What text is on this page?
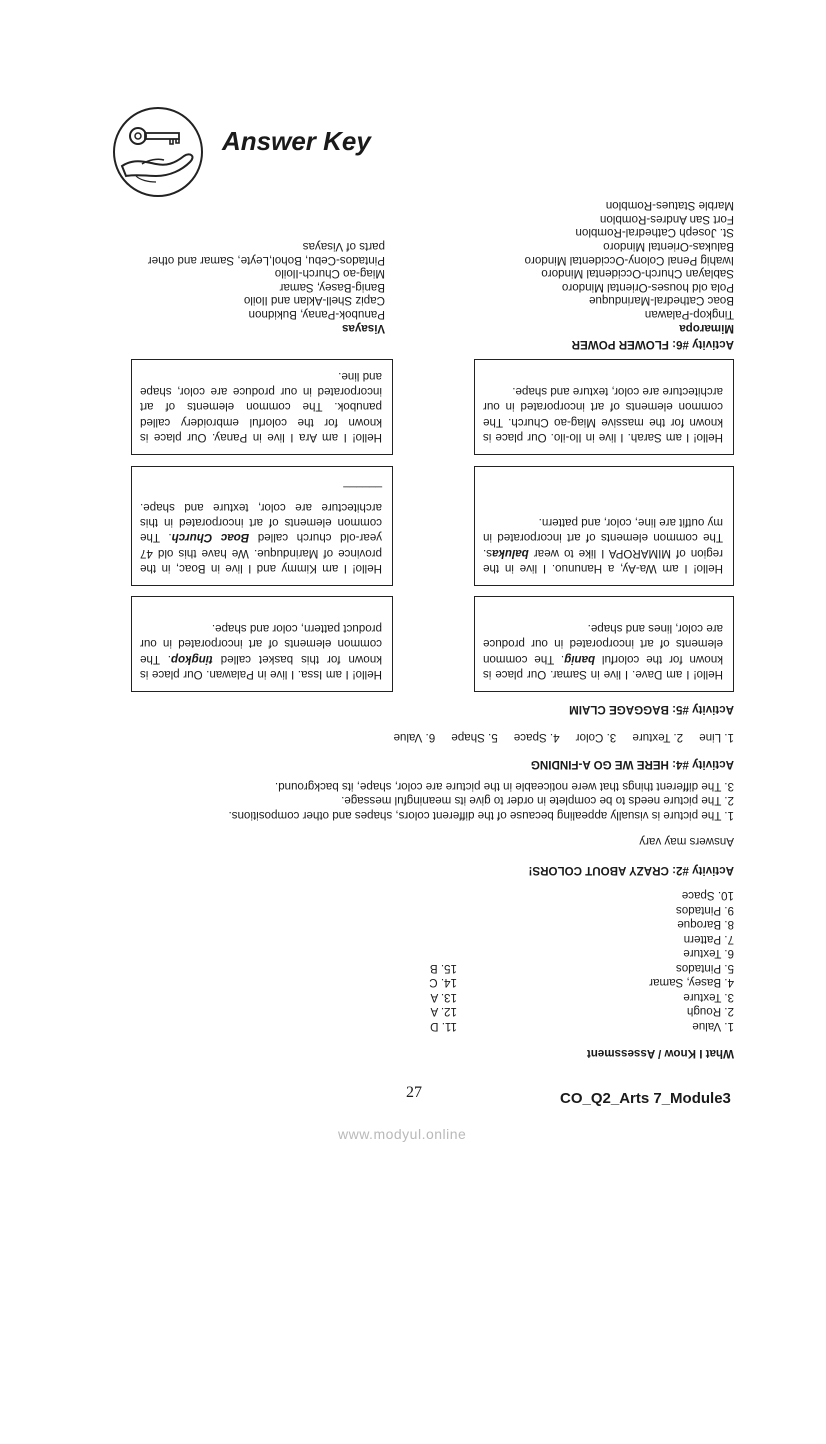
Answer Key
What I Know / Assessment
1. Value
2. Rough
3. Texture
4. Basey, Samar
5. Pintados
6. Texture
7. Pattern
8. Baroque
9. Pintados
10. Space
11. D
12. A
13. A
14. C
15. B
Activity #2: CRAZY ABOUT COLORS!
Answers may vary
1. The picture is visually appealing because of the different colors, shapes and other compositions.
2. The picture needs to be complete in order to give its meaningful message.
3. The different things that were noticeable in the picture are color, shape, its background.
Activity #4: HERE WE GO A-FINDING
1. Line     2. Texture     3. Color     4. Space     5. Shape     6. Value
Activity #5: BAGGAGE CLAIM
Hello! I am Dave. I live in Samar. Our place is known for the colorful banig. The common elements of art incorporated in our produce are color, lines and shape.
Hello! I am Issa. I live in Palawan. Our place is known for this basket called tingkop. The common elements of art incorporated in our product pattern, color and shape.
Hello! I am Wa-Ay, a Hanunuo. I live in the region of MIMAROPA I like to wear balukas. The common elements of art incorporated in my outfit are line, color, and pattern.
Hello! I am Kimmy and I live in Boac, in the province of Marinduque. We have this old 47 year-old church called Boac Church. The common elements of art incorporated in this architecture are color, texture and shape. ______
Hello! I am Sarah. I live in Ilo-ilo. Our place is known for the massive Miag-ao Church. The common elements of art incorporated in our architecture are color, texture and shape.
Hello! I am Ara I live in Panay. Our place is known for the colorful embroidery called panubok. The common elements of art incorporated in our produce are color, shape and line.
Activity #6: FLOWER POWER
Mimaropa
Tingkop-Palawan
Boac Cathedral-Marinduque
Pola old houses-Oriental Mindoro
Sablayan Church-Occidental Mindoro
Iwahig Penal Colony-Occidental Mindoro
Balukas-Oriental Mindoro
St. Joseph Cathedral-Romblon
Fort San Andres-Romblon
Marble Statues-Romblon
Visayas
Panubok-Panay, Bukidnon
Capiz Shell-Aklan and Iloilo
Banig-Basey, Samar
Miag-ao Church-Iloilo
Pintados-Cebu, Bohol,Leyte, Samar and other
parts of Visayas
27	CO_Q2_Arts 7_Module3
www.modyul.online
